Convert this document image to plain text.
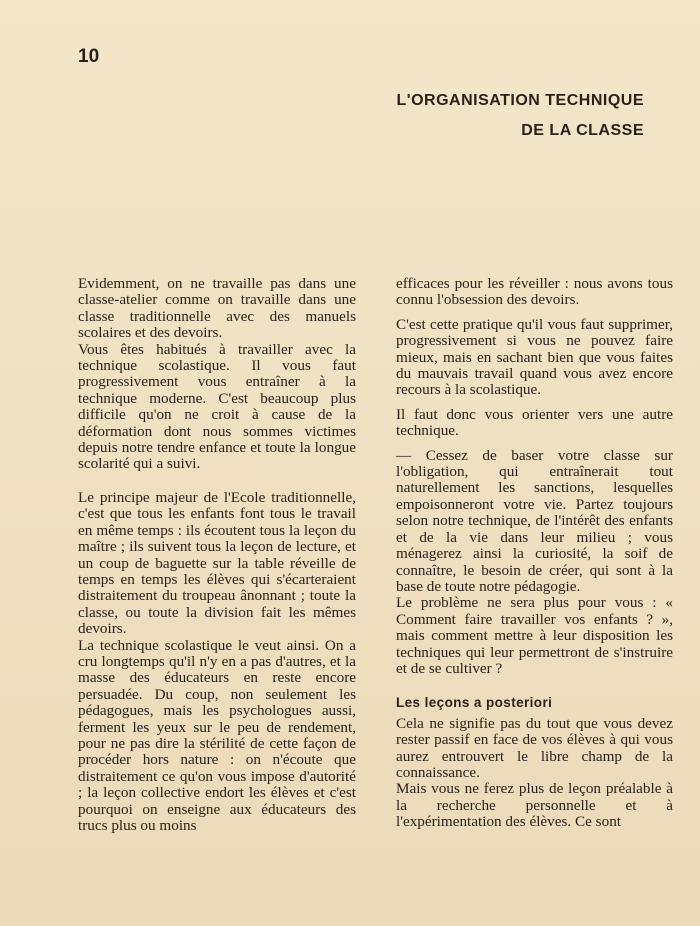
10
L'ORGANISATION TECHNIQUE
DE LA CLASSE

Evidemment, on ne travaille pas dans une classe-atelier comme on travaille dans une classe traditionnelle avec des manuels scolaires et des devoirs.

Vous êtes habitués à travailler avec la technique scolastique. Il vous faut progressivement vous entraîner à la technique moderne. C'est beaucoup plus difficile qu'on ne croit à cause de la déformation dont nous sommes victimes depuis notre tendre enfance et toute la longue scolarité qui a suivi.

Le principe majeur de l'Ecole traditionnelle, c'est que tous les enfants font tous le travail en même temps : ils écoutent tous la leçon du maître ; ils suivent tous la leçon de lecture, et un coup de baguette sur la table réveille de temps en temps les élèves qui s'écarteraient distraitement du troupeau ânonnant ; toute la classe, ou toute la division fait les mêmes devoirs.

La technique scolastique le veut ainsi. On a cru longtemps qu'il n'y en a pas d'autres, et la masse des éducateurs en reste encore persuadée. Du coup, non seulement les pédagogues, mais les psychologues aussi, ferment les yeux sur le peu de rendement, pour ne pas dire la stérilité de cette façon de procéder hors nature : on n'écoute que distraitement ce qu'on vous impose d'autorité ; la leçon collective endort les élèves et c'est pourquoi on enseigne aux éducateurs des trucs plus ou moins

efficaces pour les réveiller : nous avons tous connu l'obsession des devoirs.

C'est cette pratique qu'il vous faut supprimer, progressivement si vous ne pouvez faire mieux, mais en sachant bien que vous faites du mauvais travail quand vous avez encore recours à la scolastique.

Il faut donc vous orienter vers une autre technique.

— Cessez de baser votre classe sur l'obligation, qui entraînerait tout naturellement les sanctions, lesquelles empoisonneront votre vie. Partez toujours selon notre technique, de l'intérêt des enfants et de la vie dans leur milieu ; vous ménagerez ainsi la curiosité, la soif de connaître, le besoin de créer, qui sont à la base de toute notre pédagogie.

Le problème ne sera plus pour vous : « Comment faire travailler vos enfants ? », mais comment mettre à leur disposition les techniques qui leur permettront de s'instruire et de se cultiver ?

Les leçons a posteriori

Cela ne signifie pas du tout que vous devez rester passif en face de vos élèves à qui vous aurez entrouvert le libre champ de la connaissance.

Mais vous ne ferez plus de leçon préalable à la recherche personnelle et à l'expérimentation des élèves. Ce sont
